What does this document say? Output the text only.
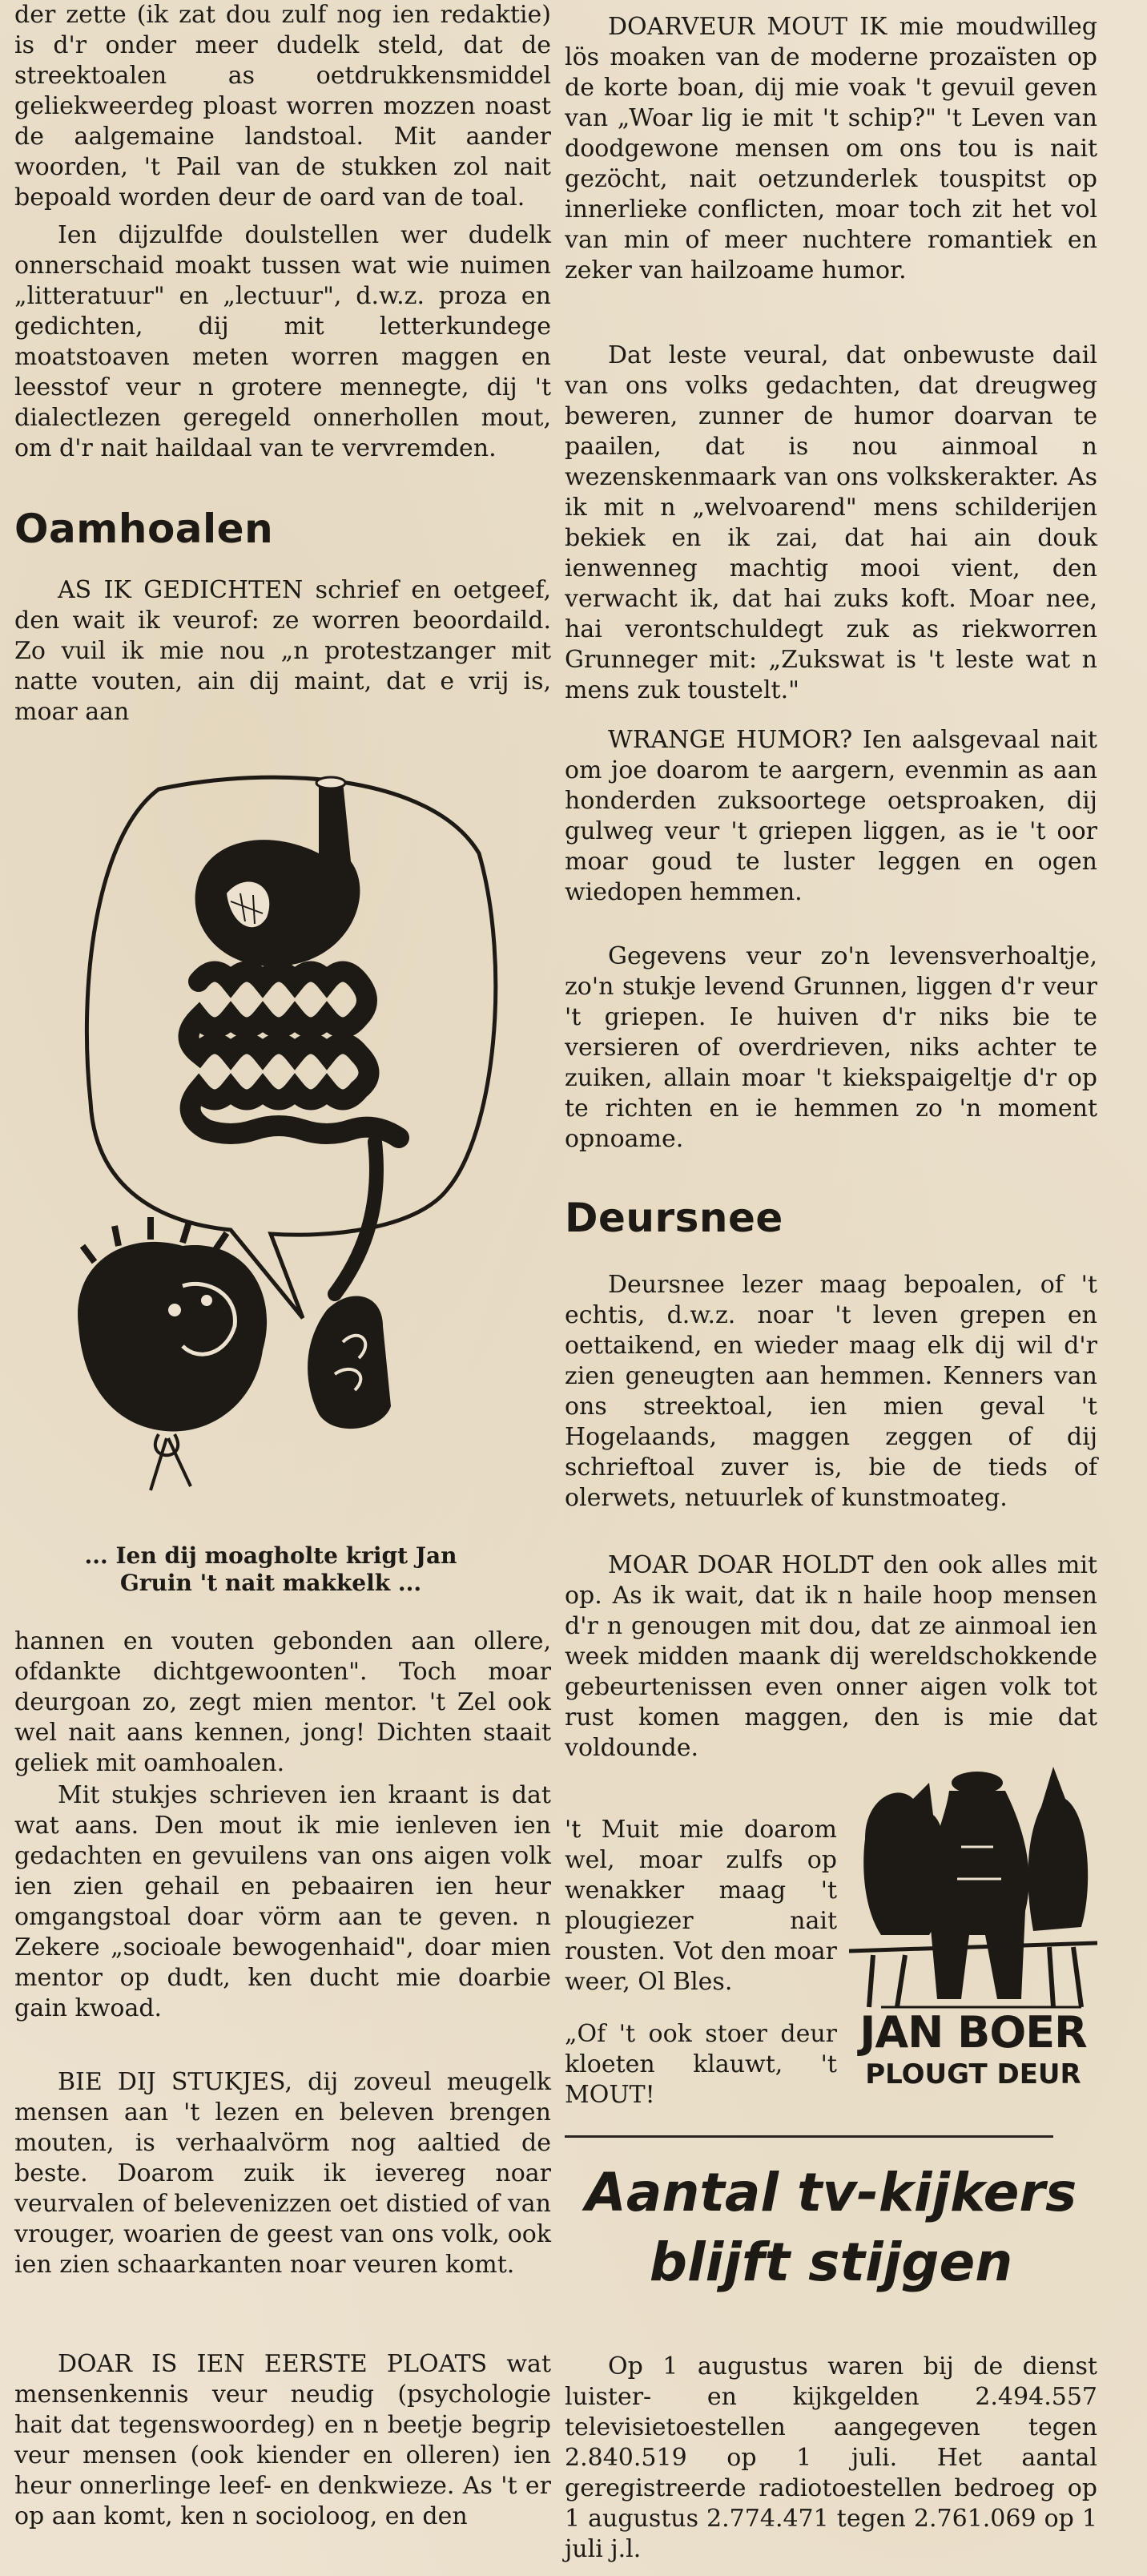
der zette (ik zat dou zulf nog ien redaktie) is d'r onder meer dudelk steld, dat de streektoalen as oetdrukkensmiddel geliekweerdeg ploast worren mozzen noast de aalgemaine landstoal. Mit aander woorden, 't Pail van de stukken zol nait bepoald worden deur de oard van de toal.

Ien dijzulfde doulstellen wer dudelk onnerschaid moakt tussen wat wie nuimen „litteratuur" en „lectuur", d.w.z. proza en gedichten, dij mit letterkundege moatstoaven meten worren maggen en leesstof veur n grotere mennegte, dij 't dialectlezen geregeld onnerhollen mout, om d'r nait haildaal van te vervremden.

Oamhoalen

AS IK GEDICHTEN schrief en oetgeef, den wait ik veurof: ze worren beoordaild. Zo vuil ik mie nou „n protestzanger mit natte vouten, ain dij maint, dat e vrij is, moar aan

... Ien dij moagholte krigt Jan Gruin 't nait makkelk ...

hannen en vouten gebonden aan ollere, ofdankte dichtgewoonten". Toch moar deurgoan zo, zegt mien mentor. 't Zel ook wel nait aans kennen, jong! Dichten staait geliek mit oamhoalen.

Mit stukjes schrieven ien kraant is dat wat aans. Den mout ik mie ienleven ien gedachten en gevuilens van ons aigen volk ien zien gehail en pebaairen ien heur omgangstoal doar vörm aan te geven. n Zekere „socioale bewogenhaid", doar mien mentor op dudt, ken ducht mie doarbie gain kwoad.

BIE DIJ STUKJES, dij zoveul meugelk mensen aan 't lezen en beleven brengen mouten, is verhaalvörm nog aaltied de beste. Doarom zuik ik ievereg noar veurvalen of belevenizzen oet distied of van vrouger, woarien de geest van ons volk, ook ien zien schaarkanten noar veuren komt.

DOAR IS IEN EERSTE PLOATS wat mensenkennis veur neudig (psychologie hait dat tegenswoordeg) en n beetje begrip veur mensen (ook kiender en olleren) ien heur onnerlinge leef- en denkwieze. As 't er op aan komt, ken n socioloog, en den

DOARVEUR MOUT IK mie moudwilleg lös moaken van de moderne prozaïsten op de korte boan, dij mie voak 't gevuil geven van „Woar lig ie mit 't schip?" 't Leven van doodgewone mensen om ons tou is nait gezöcht, nait oetzunderlek touspitst op innerlieke conflicten, moar toch zit het vol van min of meer nuchtere romantiek en zeker van hailzoame humor.

Dat leste veural, dat onbewuste dail van ons volks gedachten, dat dreugweg beweren, zunner de humor doarvan te paailen, dat is nou ainmoal n wezenskenmaark van ons volkskerakter. As ik mit n „welvoarend" mens schilderijen bekiek en ik zai, dat hai ain douk ienwenneg machtig mooi vient, den verwacht ik, dat hai zuks koft. Moar nee, hai verontschuldegt zuk as riekworren Grunneger mit: „Zukswat is 't leste wat n mens zuk toustelt."

WRANGE HUMOR? Ien aalsgevaal nait om joe doarom te aargern, evenmin as aan honderden zuksoortege oetsproaken, dij gulweg veur 't griepen liggen, as ie 't oor moar goud te luster leggen en ogen wiedopen hemmen.

Gegevens veur zo'n levensverhoaltje, zo'n stukje levend Grunnen, liggen d'r veur 't griepen. Ie huiven d'r niks bie te versieren of overdrieven, niks achter te zuiken, allain moar 't kiekspaigeltje d'r op te richten en ie hemmen zo 'n moment opnoame.

Deursnee

Deursnee lezer maag bepoalen, of 't echtis, d.w.z. noar 't leven grepen en oettaikend, en wieder maag elk dij wil d'r zien geneugten aan hemmen. Kenners van ons streektoal, ien mien geval 't Hogelaands, maggen zeggen of dij schrieftoal zuver is, bie de tieds of olerwets, netuurlek of kunstmoateg.

MOAR DOAR HOLDT den ook alles mit op. As ik wait, dat ik n haile hoop mensen d'r n genougen mit dou, dat ze ainmoal ien week midden maank dij wereldschokkende gebeurtenissen even onner aigen volk tot rust komen maggen, den is mie dat voldounde.

't Muit mie doarom wel, moar zulfs op wenakker maag 't plougiezer nait rousten. Vot den moar weer, Ol Bles.

„Of 't ook stoer deur kloeten klauwt, 't MOUT!

JAN BOER

PLOUGT DEUR

Aantal tv-kijkers

blijft stijgen

Op 1 augustus waren bij de dienst luister- en kijkgelden 2.494.557 televisietoestellen aangegeven tegen 2.840.519 op 1 juli. Het aantal geregistreerde radiotoestellen bedroeg op 1 augustus 2.774.471 tegen 2.761.069 op 1 juli j.l.
